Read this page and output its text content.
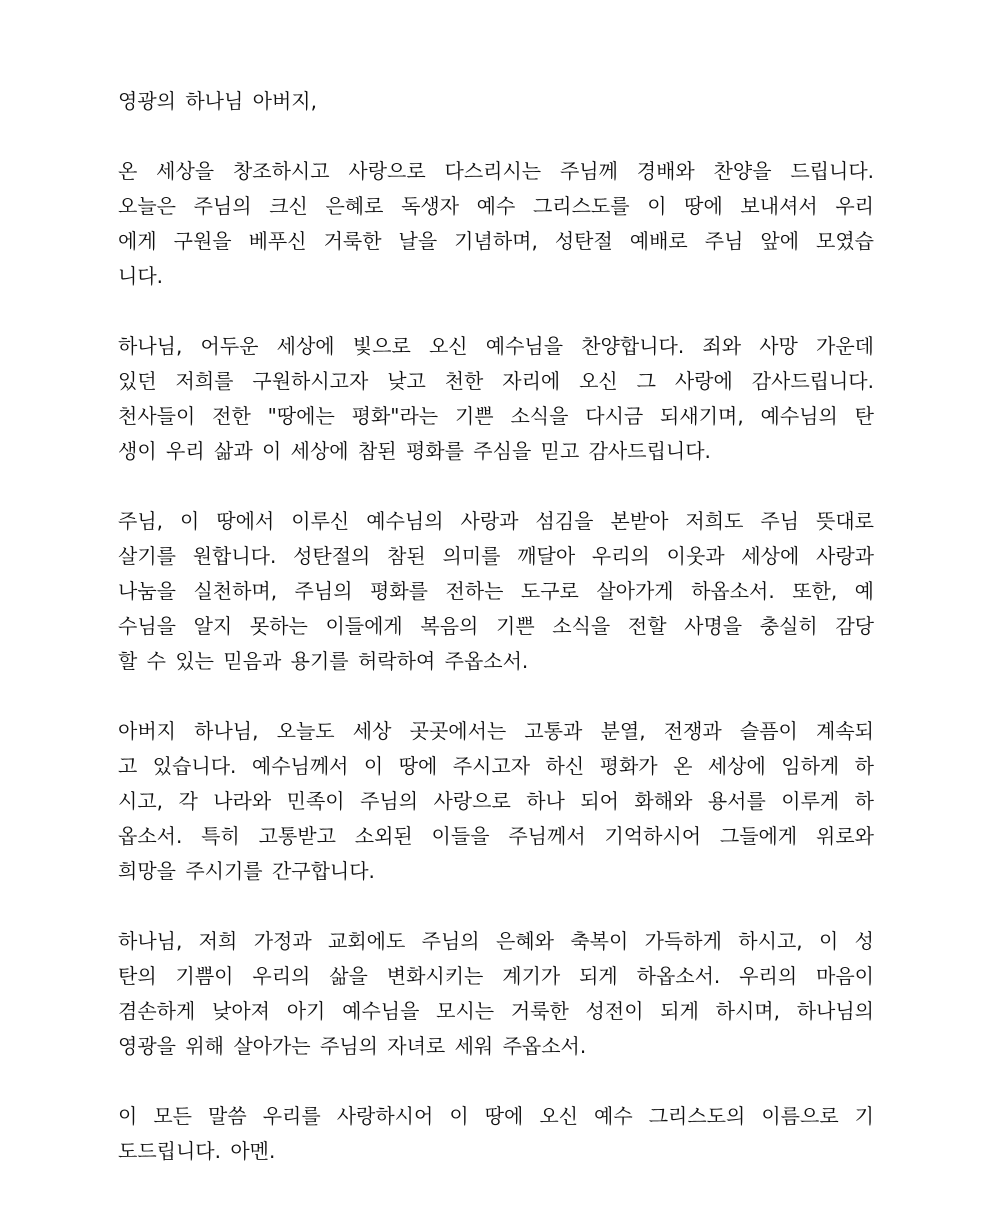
영광의 하나님 아버지,
온 세상을 창조하시고 사랑으로 다스리시는 주님께 경배와 찬양을 드립니다.
오늘은 주님의 크신 은혜로 독생자 예수 그리스도를 이 땅에 보내셔서 우리
에게 구원을 베푸신 거룩한 날을 기념하며, 성탄절 예배로 주님 앞에 모였습
니다.
하나님, 어두운 세상에 빛으로 오신 예수님을 찬양합니다. 죄와 사망 가운데
있던 저희를 구원하시고자 낮고 천한 자리에 오신 그 사랑에 감사드립니다.
천사들이 전한 "땅에는 평화"라는 기쁜 소식을 다시금 되새기며, 예수님의 탄
생이 우리 삶과 이 세상에 참된 평화를 주심을 믿고 감사드립니다.
주님, 이 땅에서 이루신 예수님의 사랑과 섬김을 본받아 저희도 주님 뜻대로
살기를 원합니다. 성탄절의 참된 의미를 깨달아 우리의 이웃과 세상에 사랑과
나눔을 실천하며, 주님의 평화를 전하는 도구로 살아가게 하옵소서. 또한, 예
수님을 알지 못하는 이들에게 복음의 기쁜 소식을 전할 사명을 충실히 감당
할 수 있는 믿음과 용기를 허락하여 주옵소서.
아버지 하나님, 오늘도 세상 곳곳에서는 고통과 분열, 전쟁과 슬픔이 계속되
고 있습니다. 예수님께서 이 땅에 주시고자 하신 평화가 온 세상에 임하게 하
시고, 각 나라와 민족이 주님의 사랑으로 하나 되어 화해와 용서를 이루게 하
옵소서. 특히 고통받고 소외된 이들을 주님께서 기억하시어 그들에게 위로와
희망을 주시기를 간구합니다.
하나님, 저희 가정과 교회에도 주님의 은혜와 축복이 가득하게 하시고, 이 성
탄의 기쁨이 우리의 삶을 변화시키는 계기가 되게 하옵소서. 우리의 마음이
겸손하게 낮아져 아기 예수님을 모시는 거룩한 성전이 되게 하시며, 하나님의
영광을 위해 살아가는 주님의 자녀로 세워 주옵소서.
이 모든 말씀 우리를 사랑하시어 이 땅에 오신 예수 그리스도의 이름으로 기
도드립니다. 아멘.
